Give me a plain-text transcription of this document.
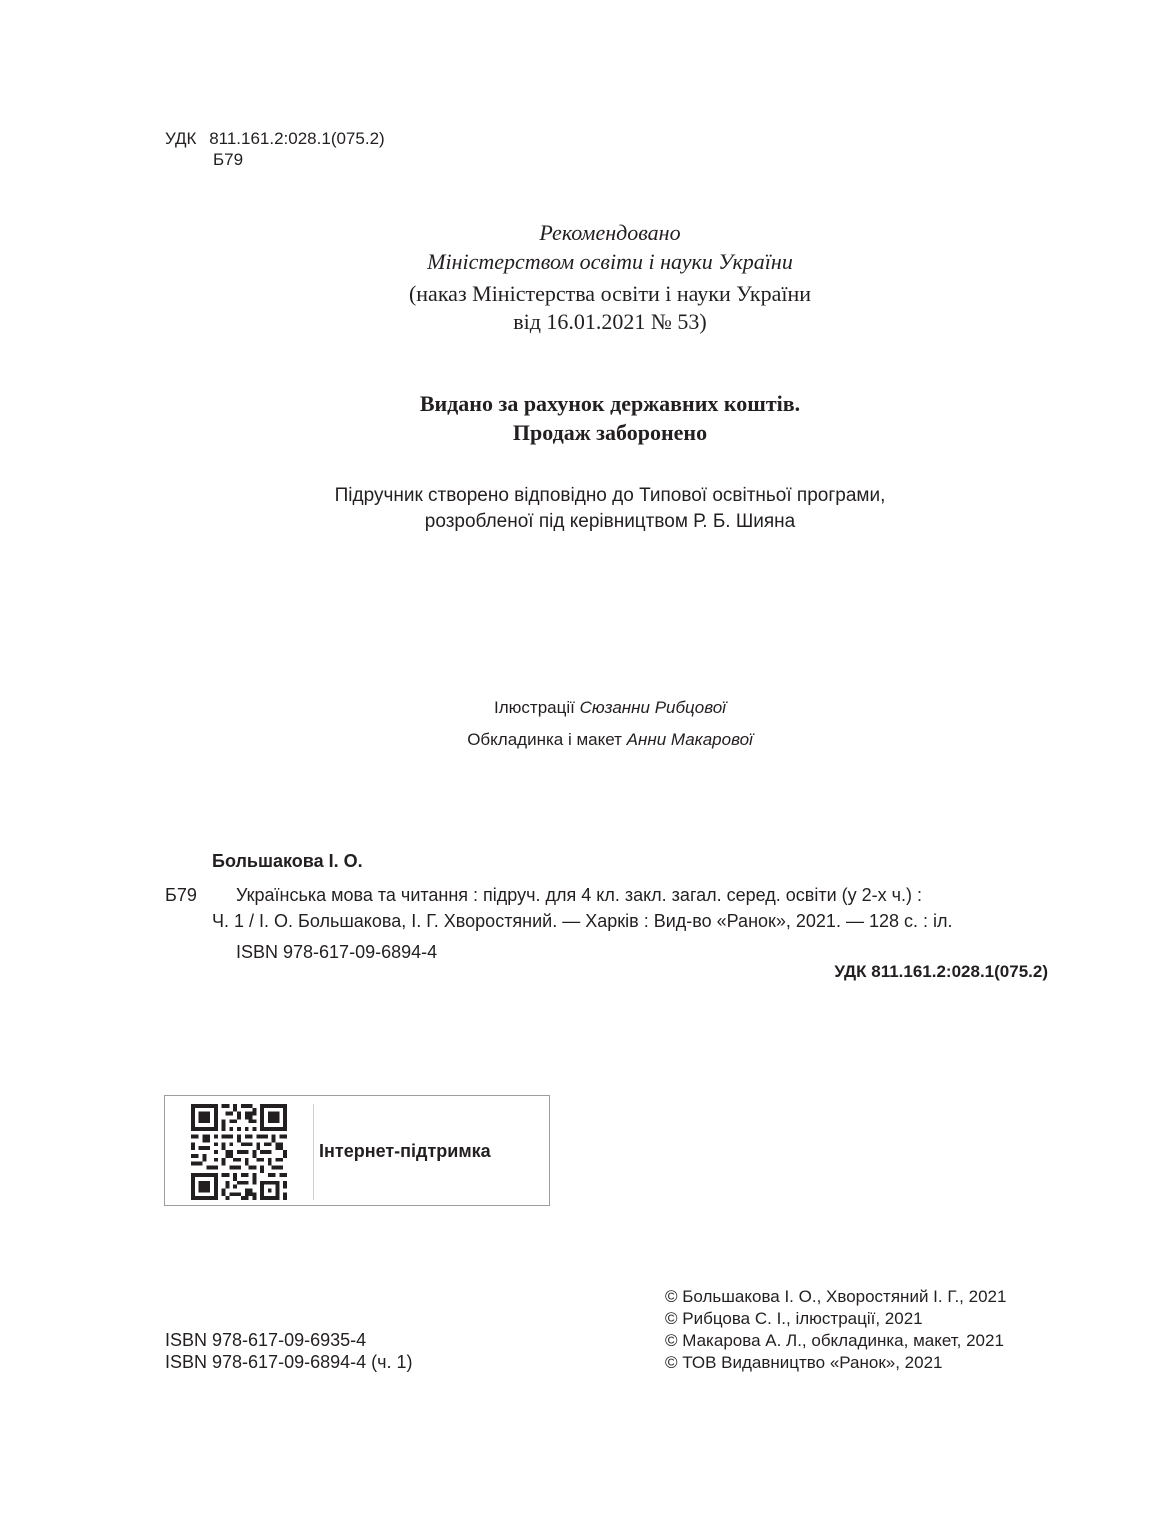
УДК 811.161.2:028.1(075.2)
Б79
Рекомендовано
Міністерством освіти і науки України
(наказ Міністерства освіти і науки України
від 16.01.2021 № 53)
Видано за рахунок державних коштів.
Продаж заборонено
Підручник створено відповідно до Типової освітньої програми,
розробленої під керівництвом Р. Б. Шияна
Ілюстрації Сюзанни Рибцової
Обкладинка і макет Анни Макарової
Большакова І. О.
Б79 Українська мова та читання : підруч. для 4 кл. закл. загал. серед. освіти (у 2-х ч.) :
Ч. 1 / І. О. Большакова, І. Г. Хворостяний. — Харків : Вид-во «Ранок», 2021. — 128 с. : іл.
ISBN 978-617-09-6894-4
УДК 811.161.2:028.1(075.2)
Інтернет-підтримка
ISBN 978-617-09-6935-4
ISBN 978-617-09-6894-4 (ч. 1)
© Большакова І. О., Хворостяний І. Г., 2021
© Рибцова С. І., ілюстрації, 2021
© Макарова А. Л., обкладинка, макет, 2021
© ТОВ Видавництво «Ранок», 2021
